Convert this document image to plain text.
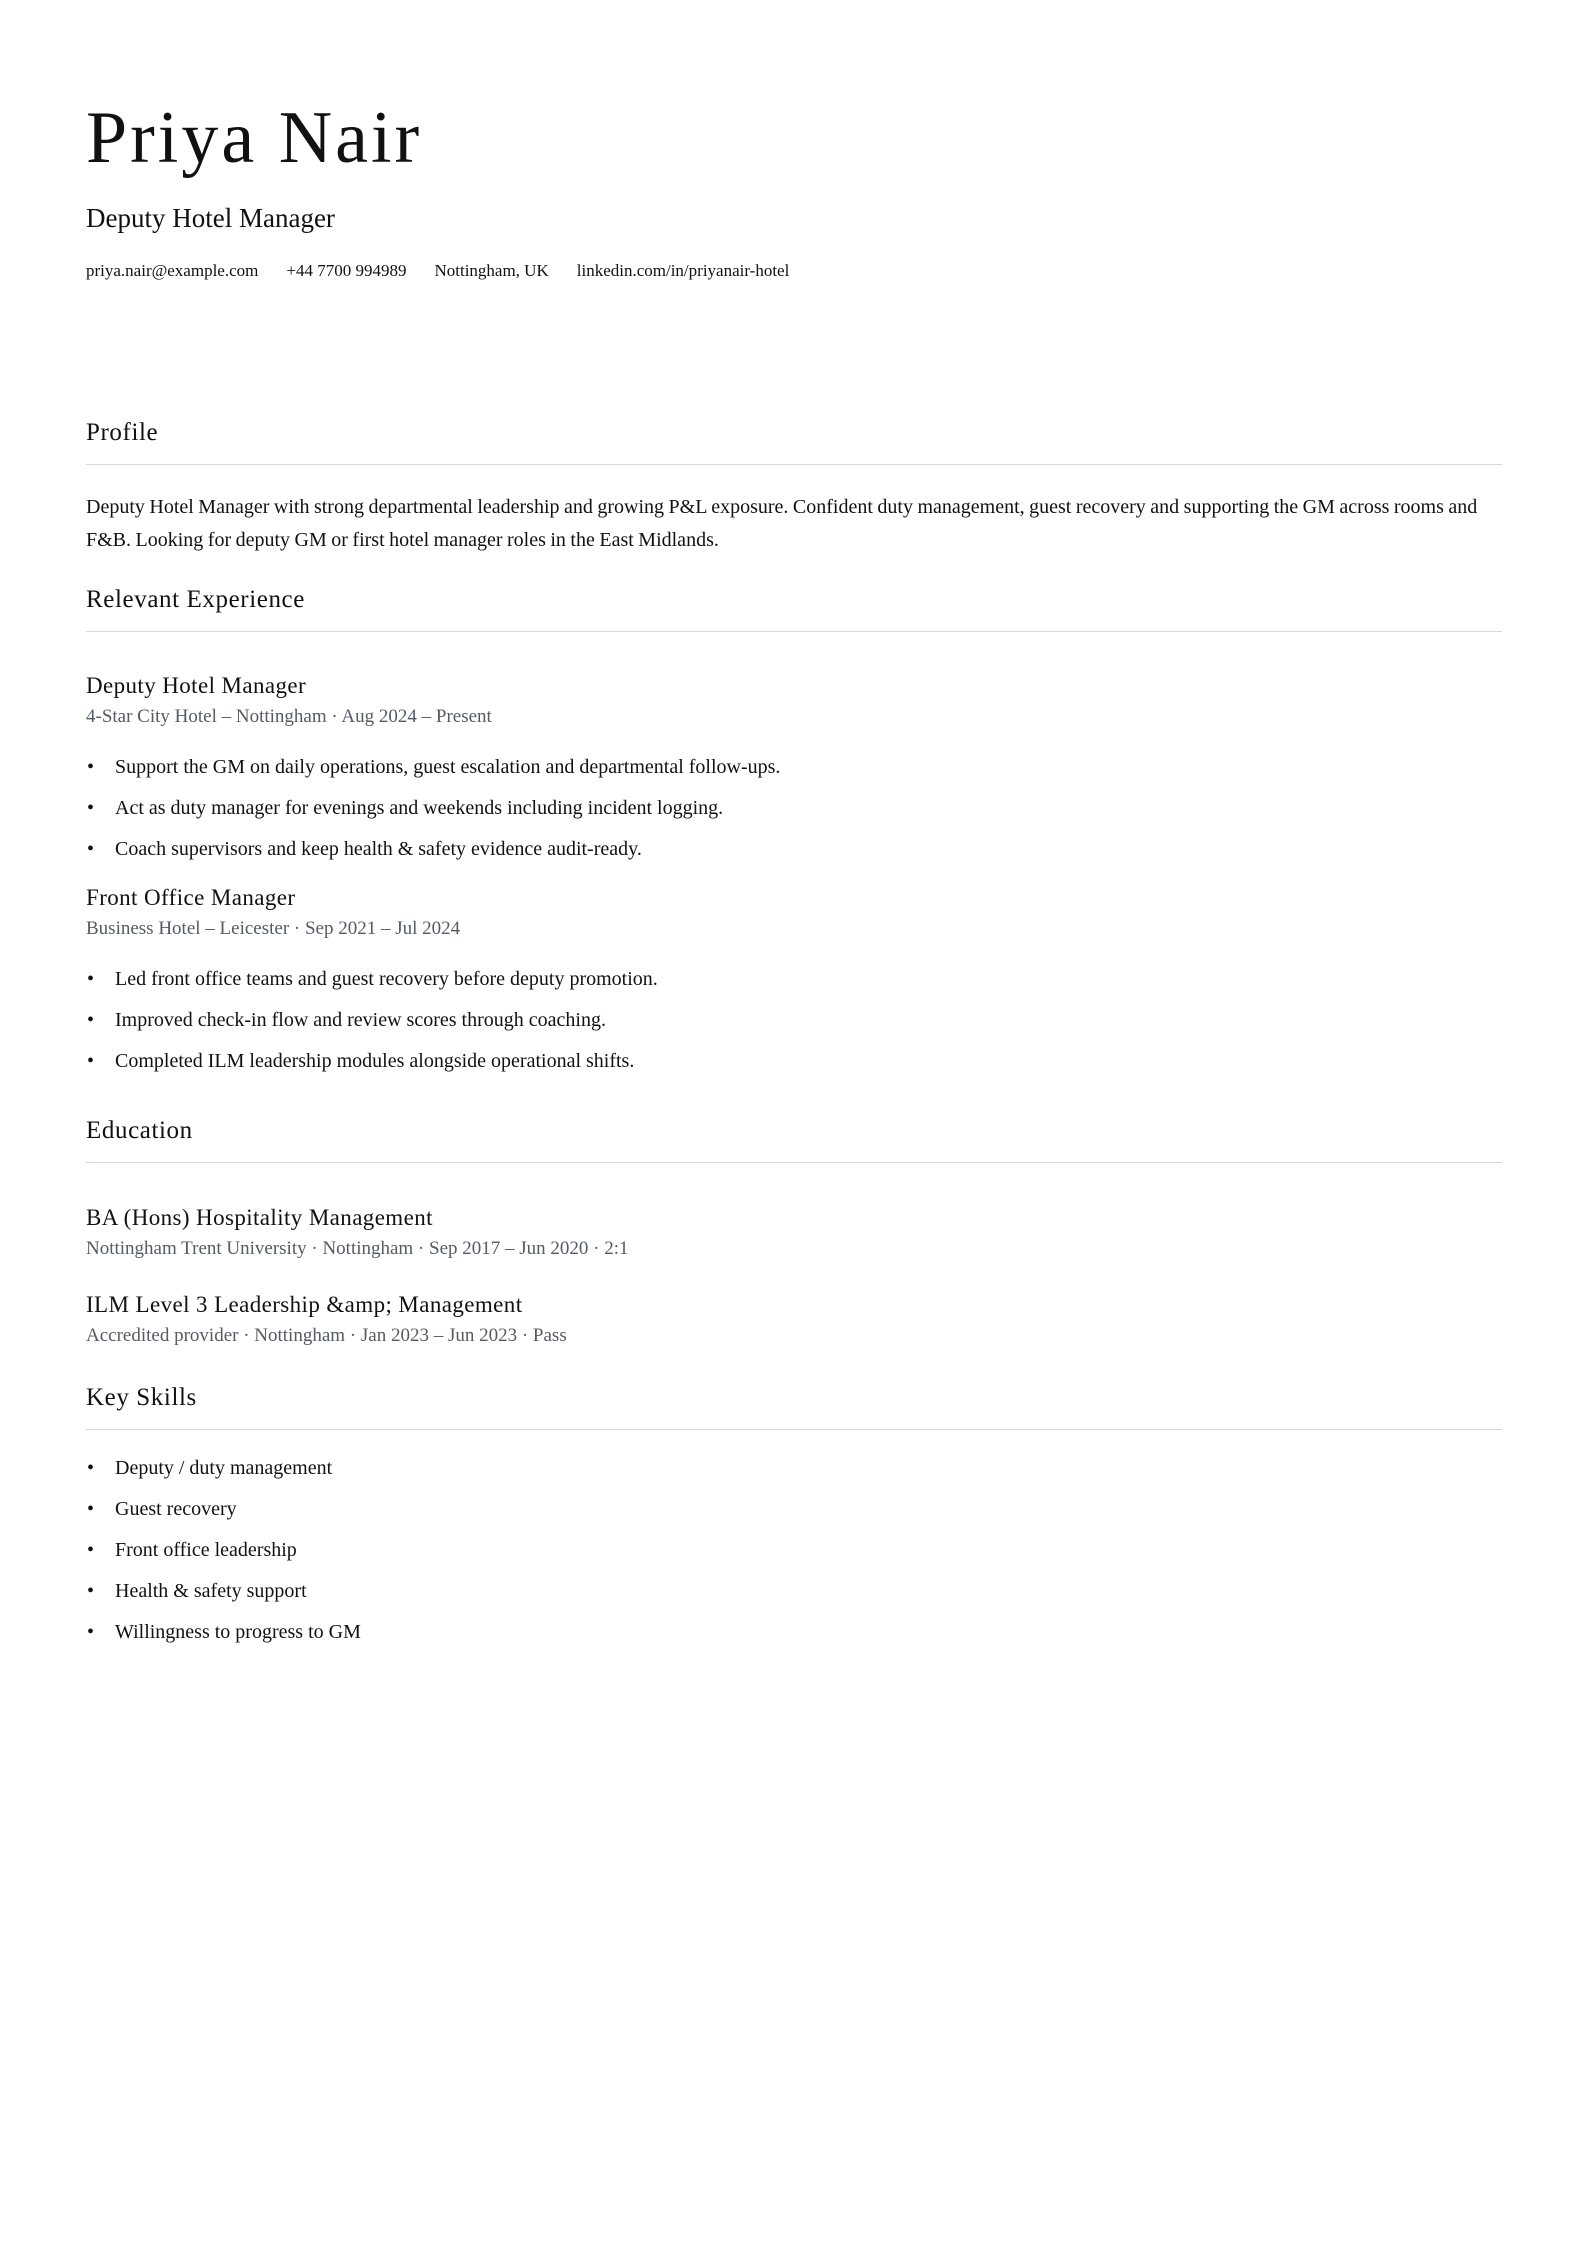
Priya Nair
Deputy Hotel Manager
priya.nair@example.com +44 7700 994989 Nottingham, UK linkedin.com/in/priyanair-hotel
Profile
Deputy Hotel Manager with strong departmental leadership and growing P&L exposure. Confident duty management, guest recovery and supporting the GM across rooms and F&B. Looking for deputy GM or first hotel manager roles in the East Midlands.
Relevant Experience
Deputy Hotel Manager
4-Star City Hotel – Nottingham · Aug 2024 – Present
• Support the GM on daily operations, guest escalation and departmental follow-ups.
• Act as duty manager for evenings and weekends including incident logging.
• Coach supervisors and keep health & safety evidence audit-ready.
Front Office Manager
Business Hotel – Leicester · Sep 2021 – Jul 2024
• Led front office teams and guest recovery before deputy promotion.
• Improved check-in flow and review scores through coaching.
• Completed ILM leadership modules alongside operational shifts.
Education
BA (Hons) Hospitality Management
Nottingham Trent University · Nottingham · Sep 2017 – Jun 2020 · 2:1
ILM Level 3 Leadership &amp; Management
Accredited provider · Nottingham · Jan 2023 – Jun 2023 · Pass
Key Skills
• Deputy / duty management
• Guest recovery
• Front office leadership
• Health & safety support
• Willingness to progress to GM
